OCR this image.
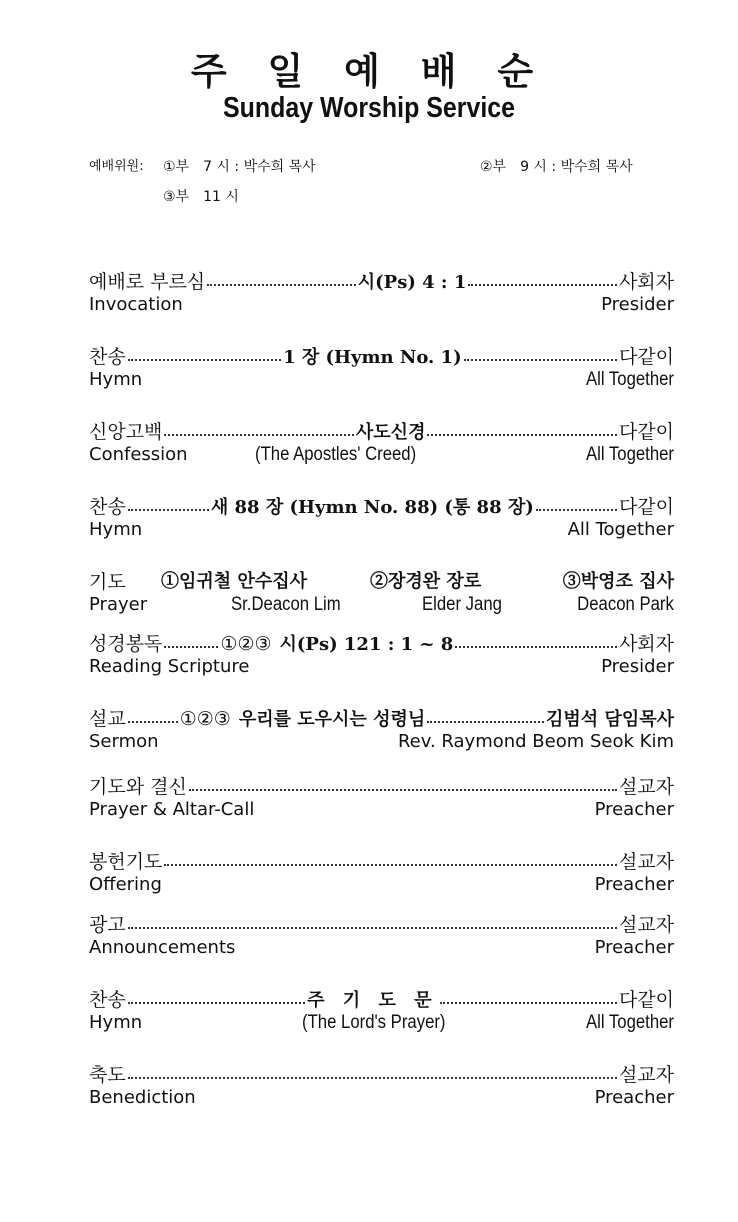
주 일 예 배 순
Sunday Worship Service
예배위원: ①부 7 시 : 박수희 목사	②부 9 시 : 박수희 목사
③부 11 시
예배로 부르심	시(Ps) 4 : 1	사회자
Invocation	Presider
찬송	1 장 (Hymn No. 1)	다같이
Hymn	All Together
신앙고백	사도신경	다같이
Confession	(The Apostles' Creed)	All Together
찬송	새 88 장 (Hymn No. 88) (통 88 장)	다같이
Hymn	All Together
기도 ①임귀철 안수집사	②장경완 장로	③박영조 집사
Prayer	Sr.Deacon Lim	Elder Jang	Deacon Park
성경봉독	①②③ 시(Ps) 121 : 1 ~ 8	사회자
Reading Scripture	Presider
설교	①②③ 우리를 도우시는 성령님	김범석 담임목사
Sermon	Rev. Raymond Beom Seok Kim
기도와 결신	설교자
Prayer & Altar-Call	Preacher
봉헌기도	설교자
Offering	Preacher
광고	설교자
Announcements	Preacher
찬송	주 기 도 문	다같이
Hymn	(The Lord's Prayer)	All Together
축도	설교자
Benediction	Preacher
